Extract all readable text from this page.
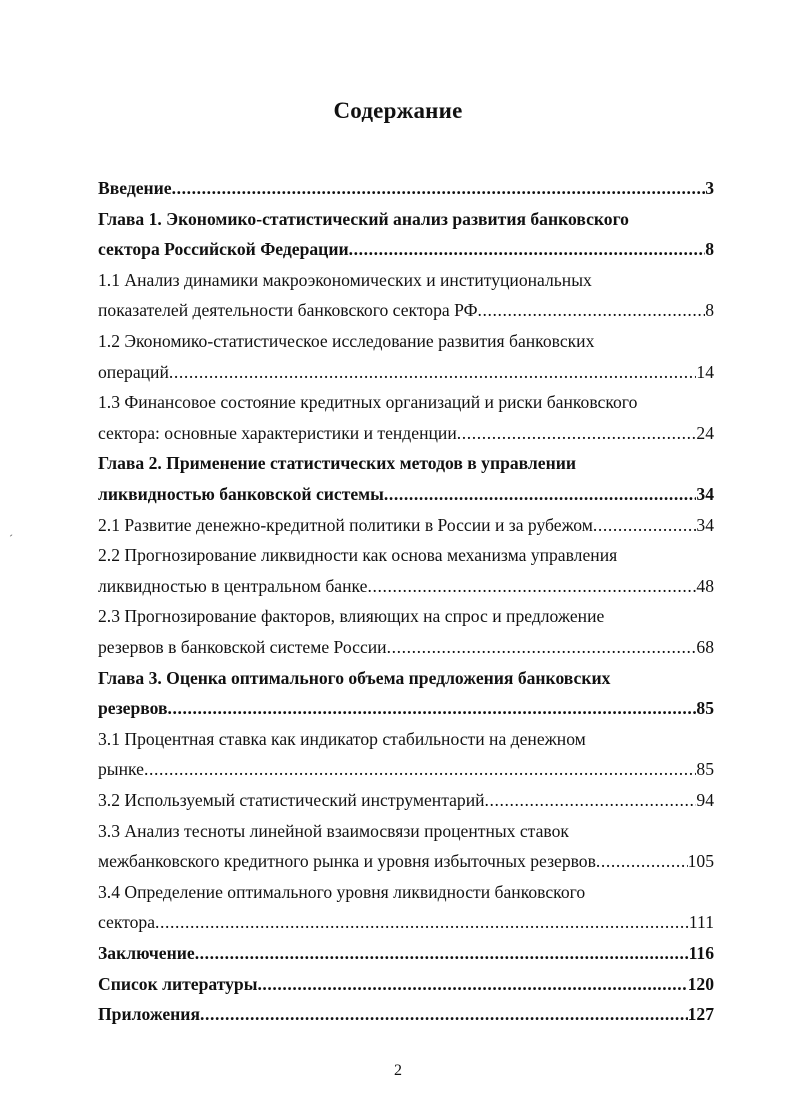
Содержание
Введение .....	3
Глава 1. Экономико-статистический анализ развития банковского
сектора Российской Федерации .....	8
1.1 Анализ динамики макроэкономических и институциональных
показателей деятельности банковского сектора РФ .....	8
1.2 Экономико-статистическое исследование развития банковских
операций .....	14
1.3 Финансовое состояние кредитных организаций и риски банковского
сектора: основные характеристики и тенденции .....	24
Глава 2. Применение статистических методов в управлении
ликвидностью банковской системы .....	34
2.1 Развитие денежно-кредитной политики в России и за рубежом .....	34
2.2 Прогнозирование ликвидности как основа механизма управления
ликвидностью в центральном банке .....	48
2.3 Прогнозирование факторов, влияющих на спрос и предложение
резервов в банковской системе России .....	68
Глава 3. Оценка оптимального объема предложения банковских
резервов .....	85
3.1 Процентная ставка как индикатор стабильности на денежном
рынке .....	85
3.2 Используемый статистический инструментарий .....	94
3.3 Анализ тесноты линейной взаимосвязи процентных ставок
межбанковского кредитного рынка и уровня избыточных резервов .....	105
3.4 Определение оптимального уровня ликвидности банковского
сектора .....	111
Заключение .....	116
Список литературы .....	120
Приложения .....	127
´
2
